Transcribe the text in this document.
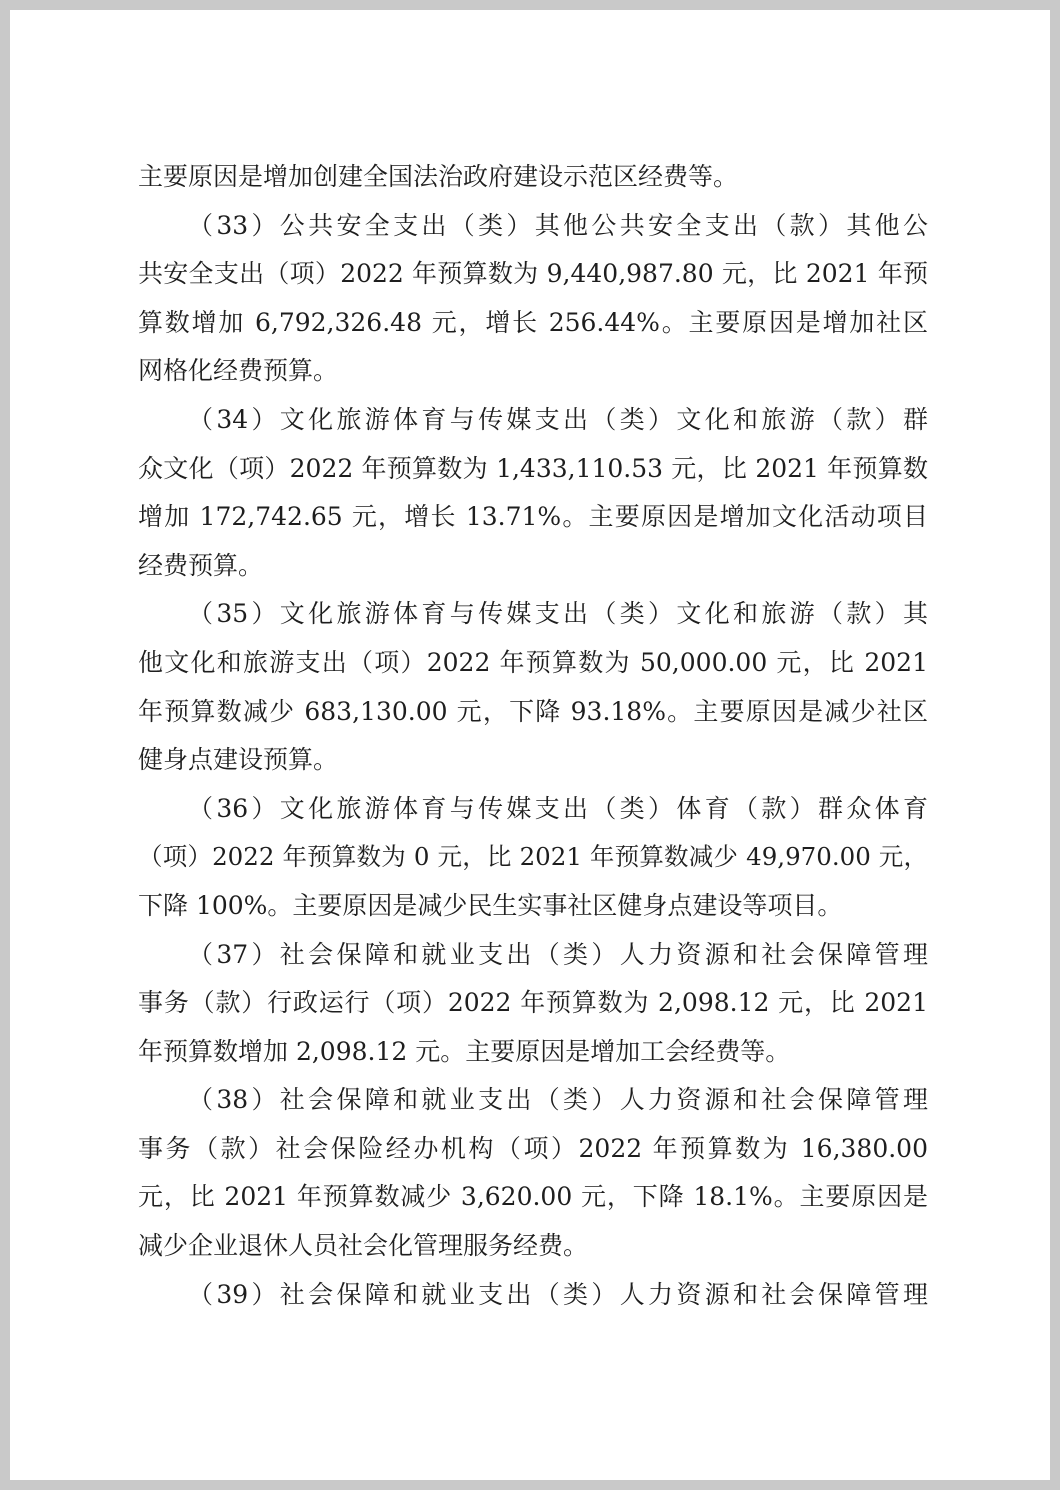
主要原因是增加创建全国法治政府建设示范区经费等。
（33）公共安全支出（类）其他公共安全支出（款）其他公
共安全支出（项）2022 年预算数为 9,440,987.80 元，比 2021 年预
算数增加 6,792,326.48 元，增长 256.44%。主要原因是增加社区
网格化经费预算。
（34）文化旅游体育与传媒支出（类）文化和旅游（款）群
众文化（项）2022 年预算数为 1,433,110.53 元，比 2021 年预算数
增加 172,742.65 元，增长 13.71%。主要原因是增加文化活动项目
经费预算。
（35）文化旅游体育与传媒支出（类）文化和旅游（款）其
他文化和旅游支出（项）2022 年预算数为 50,000.00 元，比 2021
年预算数减少 683,130.00 元，下降 93.18%。主要原因是减少社区
健身点建设预算。
（36）文化旅游体育与传媒支出（类）体育（款）群众体育
（项）2022 年预算数为 0 元，比 2021 年预算数减少 49,970.00 元，
下降 100%。主要原因是减少民生实事社区健身点建设等项目。
（37）社会保障和就业支出（类）人力资源和社会保障管理
事务（款）行政运行（项）2022 年预算数为 2,098.12 元，比 2021
年预算数增加 2,098.12 元。主要原因是增加工会经费等。
（38）社会保障和就业支出（类）人力资源和社会保障管理
事务（款）社会保险经办机构（项）2022 年预算数为 16,380.00
元，比 2021 年预算数减少 3,620.00 元，下降 18.1%。主要原因是
减少企业退休人员社会化管理服务经费。
（39）社会保障和就业支出（类）人力资源和社会保障管理
